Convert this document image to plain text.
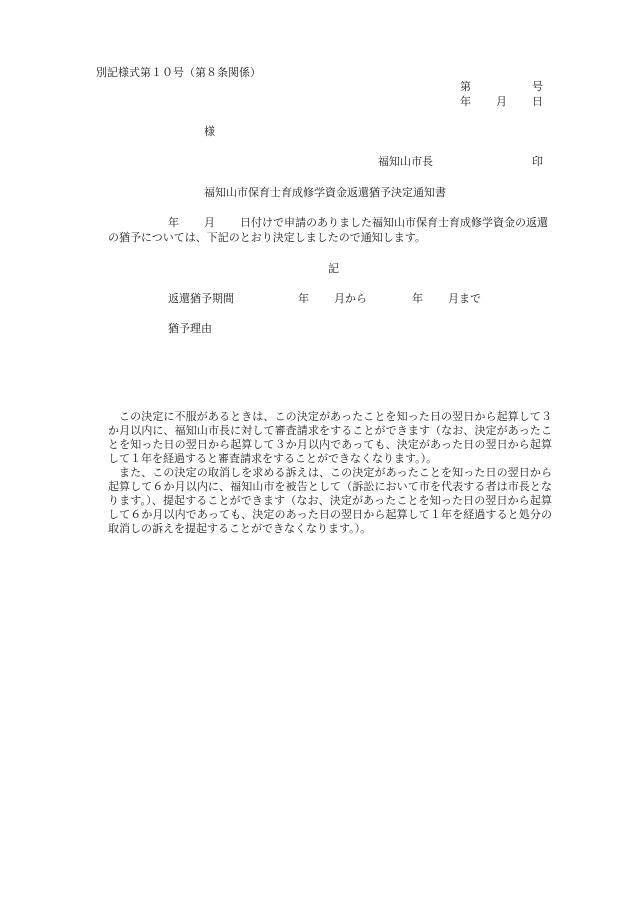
別記様式第１０号（第８条関係）
第	号
年 月 日
様
福知山市長	印
福知山市保育士育成修学資金返還猶予決定通知書
年 月 日付けで申請のありました福知山市保育士育成修学資金の返還
の猶予については、下記のとおり決定しましたので通知します。
記
返還猶予期間	年 月から	年 月まで
猶予理由

この決定に不服があるときは、この決定があったことを知った日の翌日から起算して３か月以内に、福知山市長に対して審査請求をすることができます（なお、決定があったことを知った日の翌日から起算して３か月以内であっても、決定があった日の翌日から起算して１年を経過すると審査請求をすることができなくなります。）。

また、この決定の取消しを求める訴えは、この決定があったことを知った日の翌日から起算して６か月以内に、福知山市を被告として（訴訟において市を代表する者は市長となります。）、提起することができます（なお、決定があったことを知った日の翌日から起算して６か月以内であっても、決定のあった日の翌日から起算して１年を経過すると処分の取消しの訴えを提起することができなくなります。）。
